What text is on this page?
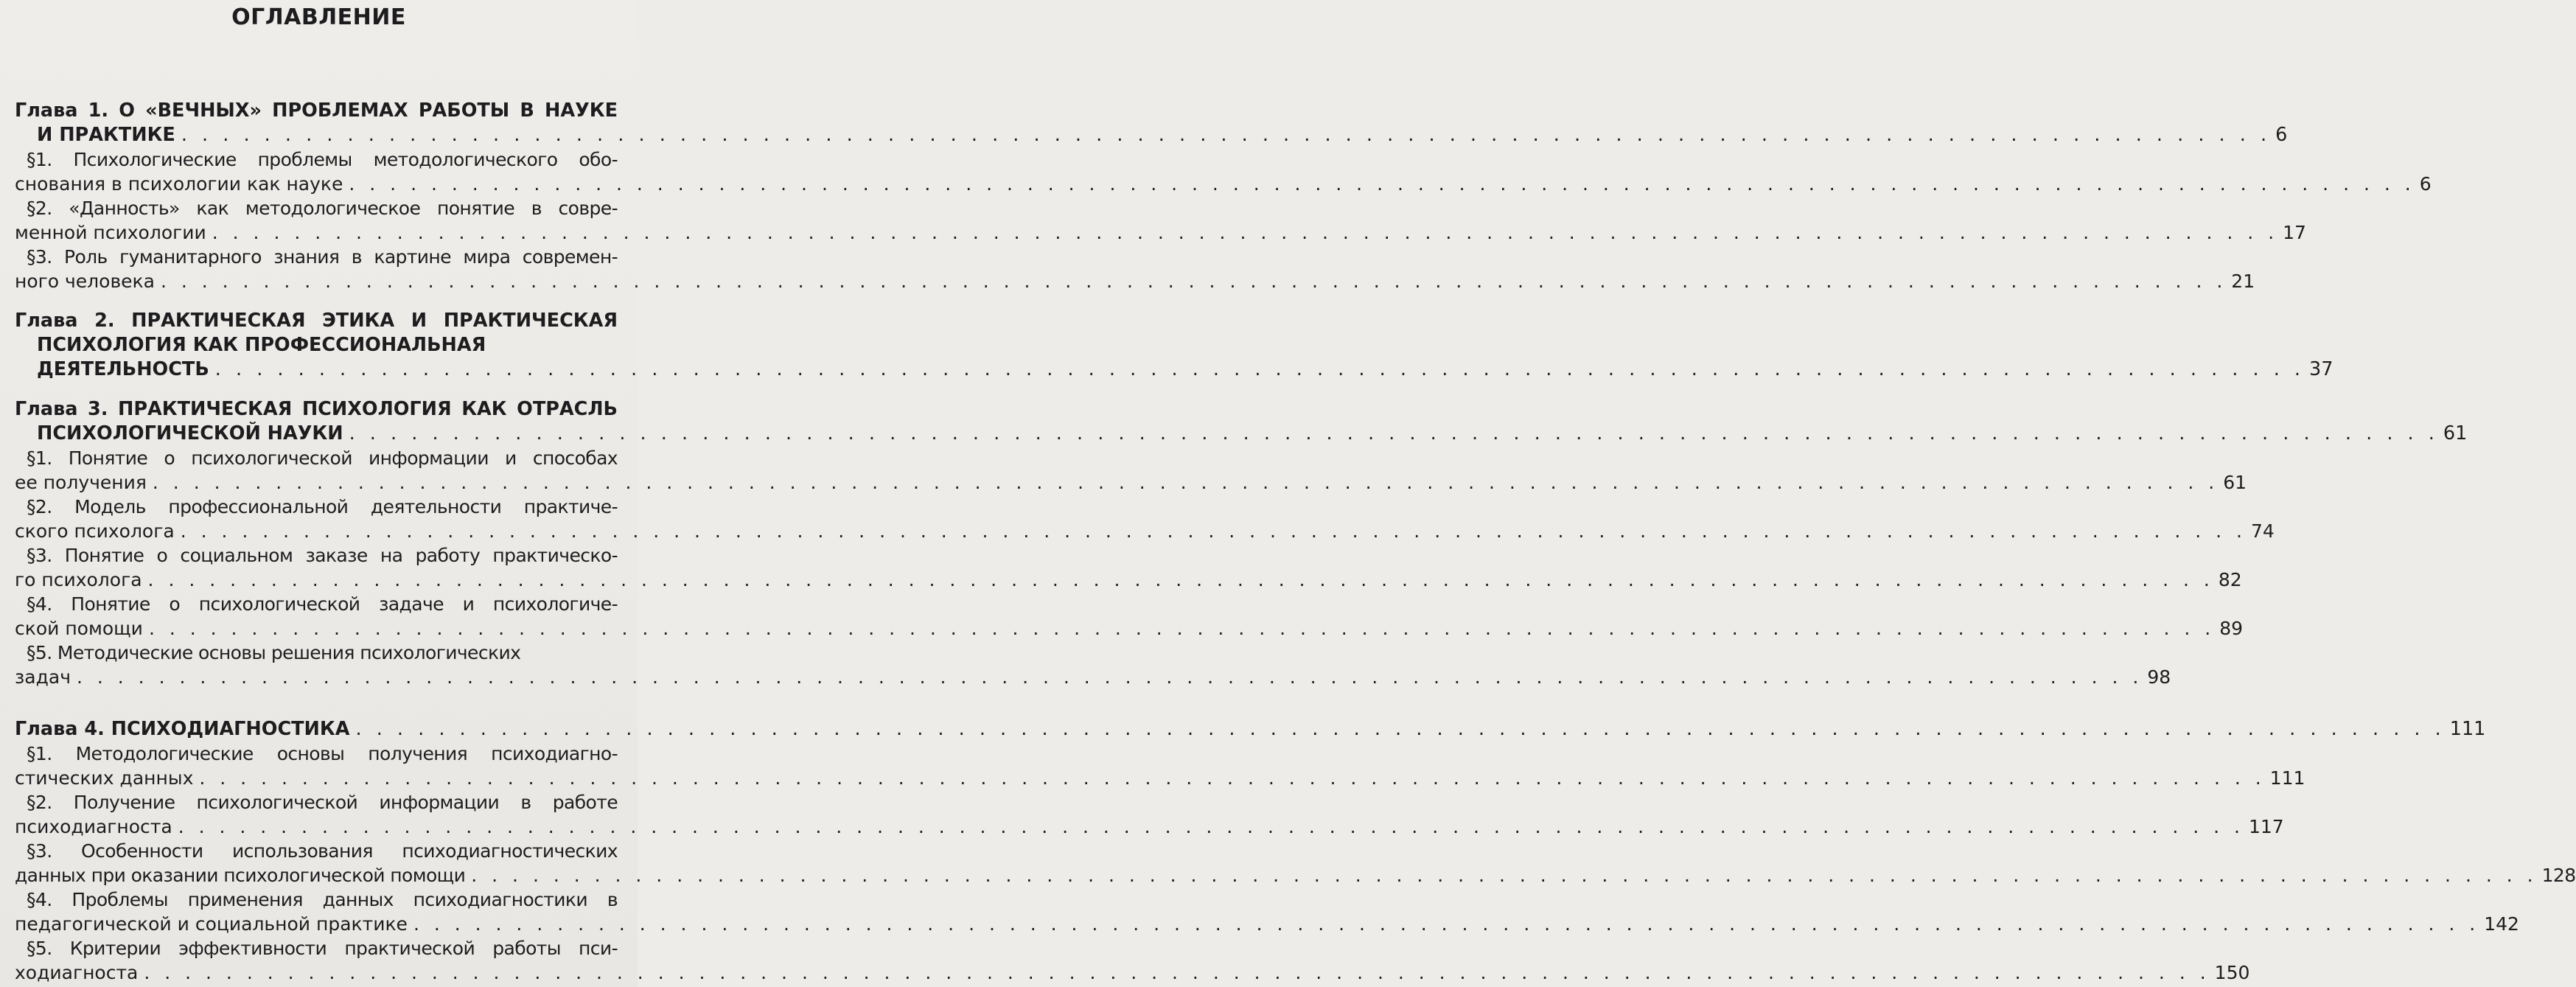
ОГЛАВЛЕНИЕ
Глава 1. О «ВЕЧНЫХ» ПРОБЛЕМАХ РАБОТЫ В НАУКЕ
И ПРАКТИКЕ . . . . . . . . . . . . . . . . . . . . . . . . . . . . . . . . . . . . . . . . . . . . . . . . . . . . . . . . . . . . . . . . . . . . . . . . . . . . . . . . . . . . . . . . . . . . . . . . . . . . . 6
§1. Психологические проблемы методологического обо-
снования в психологии как науке . . . . . . . . . . . . . . . . . . . . . . . . . . . . . . . . . . . . . . . . . . . . . . . . . . . . . . . . . . . . . . . . . . . . . . . . . . . . . . . . . . . . . . . . . . . . . . . . . . . . . 6
§2. «Данность» как методологическое понятие в совре-
менной психологии . . . . . . . . . . . . . . . . . . . . . . . . . . . . . . . . . . . . . . . . . . . . . . . . . . . . . . . . . . . . . . . . . . . . . . . . . . . . . . . . . . . . . . . . . . . . . . . . . . . . . 17
§3. Роль гуманитарного знания в картине мира современ-
ного человека . . . . . . . . . . . . . . . . . . . . . . . . . . . . . . . . . . . . . . . . . . . . . . . . . . . . . . . . . . . . . . . . . . . . . . . . . . . . . . . . . . . . . . . . . . . . . . . . . . . . . 21
Глава 2. ПРАКТИЧЕСКАЯ ЭТИКА И ПРАКТИЧЕСКАЯ
ПСИХОЛОГИЯ КАК ПРОФЕССИОНАЛЬНАЯ
ДЕЯТЕЛЬНОСТЬ . . . . . . . . . . . . . . . . . . . . . . . . . . . . . . . . . . . . . . . . . . . . . . . . . . . . . . . . . . . . . . . . . . . . . . . . . . . . . . . . . . . . . . . . . . . . . . . . . . . . . 37
Глава 3. ПРАКТИЧЕСКАЯ ПСИХОЛОГИЯ КАК ОТРАСЛЬ
ПСИХОЛОГИЧЕСКОЙ НАУКИ . . . . . . . . . . . . . . . . . . . . . . . . . . . . . . . . . . . . . . . . . . . . . . . . . . . . . . . . . . . . . . . . . . . . . . . . . . . . . . . . . . . . . . . . . . . . . . . . . . . . . 61
§1. Понятие о психологической информации и способах
ее получения . . . . . . . . . . . . . . . . . . . . . . . . . . . . . . . . . . . . . . . . . . . . . . . . . . . . . . . . . . . . . . . . . . . . . . . . . . . . . . . . . . . . . . . . . . . . . . . . . . . . . 61
§2. Модель профессиональной деятельности практиче-
ского психолога . . . . . . . . . . . . . . . . . . . . . . . . . . . . . . . . . . . . . . . . . . . . . . . . . . . . . . . . . . . . . . . . . . . . . . . . . . . . . . . . . . . . . . . . . . . . . . . . . . . . . 74
§3. Понятие о социальном заказе на работу практическо-
го психолога . . . . . . . . . . . . . . . . . . . . . . . . . . . . . . . . . . . . . . . . . . . . . . . . . . . . . . . . . . . . . . . . . . . . . . . . . . . . . . . . . . . . . . . . . . . . . . . . . . . . . 82
§4. Понятие о психологической задаче и психологиче-
ской помощи . . . . . . . . . . . . . . . . . . . . . . . . . . . . . . . . . . . . . . . . . . . . . . . . . . . . . . . . . . . . . . . . . . . . . . . . . . . . . . . . . . . . . . . . . . . . . . . . . . . . . 89
§5. Методические основы решения психологических
задач . . . . . . . . . . . . . . . . . . . . . . . . . . . . . . . . . . . . . . . . . . . . . . . . . . . . . . . . . . . . . . . . . . . . . . . . . . . . . . . . . . . . . . . . . . . . . . . . . . . . . 98
Глава 4. ПСИХОДИАГНОСТИКА . . . . . . . . . . . . . . . . . . . . . . . . . . . . . . . . . . . . . . . . . . . . . . . . . . . . . . . . . . . . . . . . . . . . . . . . . . . . . . . . . . . . . . . . . . . . . . . . . . . . . 111
§1. Методологические основы получения психодиагно-
стических данных . . . . . . . . . . . . . . . . . . . . . . . . . . . . . . . . . . . . . . . . . . . . . . . . . . . . . . . . . . . . . . . . . . . . . . . . . . . . . . . . . . . . . . . . . . . . . . . . . . . . . 111
§2. Получение психологической информации в работе
психодиагноста . . . . . . . . . . . . . . . . . . . . . . . . . . . . . . . . . . . . . . . . . . . . . . . . . . . . . . . . . . . . . . . . . . . . . . . . . . . . . . . . . . . . . . . . . . . . . . . . . . . . . 117
§3. Особенности использования психодиагностических
данных при оказании психологической помощи . . . . . . . . . . . . . . . . . . . . . . . . . . . . . . . . . . . . . . . . . . . . . . . . . . . . . . . . . . . . . . . . . . . . . . . . . . . . . . . . . . . . . . . . . . . . . . . . . . . . . 128
§4. Проблемы применения данных психодиагностики в
педагогической и социальной практике . . . . . . . . . . . . . . . . . . . . . . . . . . . . . . . . . . . . . . . . . . . . . . . . . . . . . . . . . . . . . . . . . . . . . . . . . . . . . . . . . . . . . . . . . . . . . . . . . . . . . 142
§5. Критерии эффективности практической работы пси-
ходиагноста . . . . . . . . . . . . . . . . . . . . . . . . . . . . . . . . . . . . . . . . . . . . . . . . . . . . . . . . . . . . . . . . . . . . . . . . . . . . . . . . . . . . . . . . . . . . . . . . . . . . . 150
